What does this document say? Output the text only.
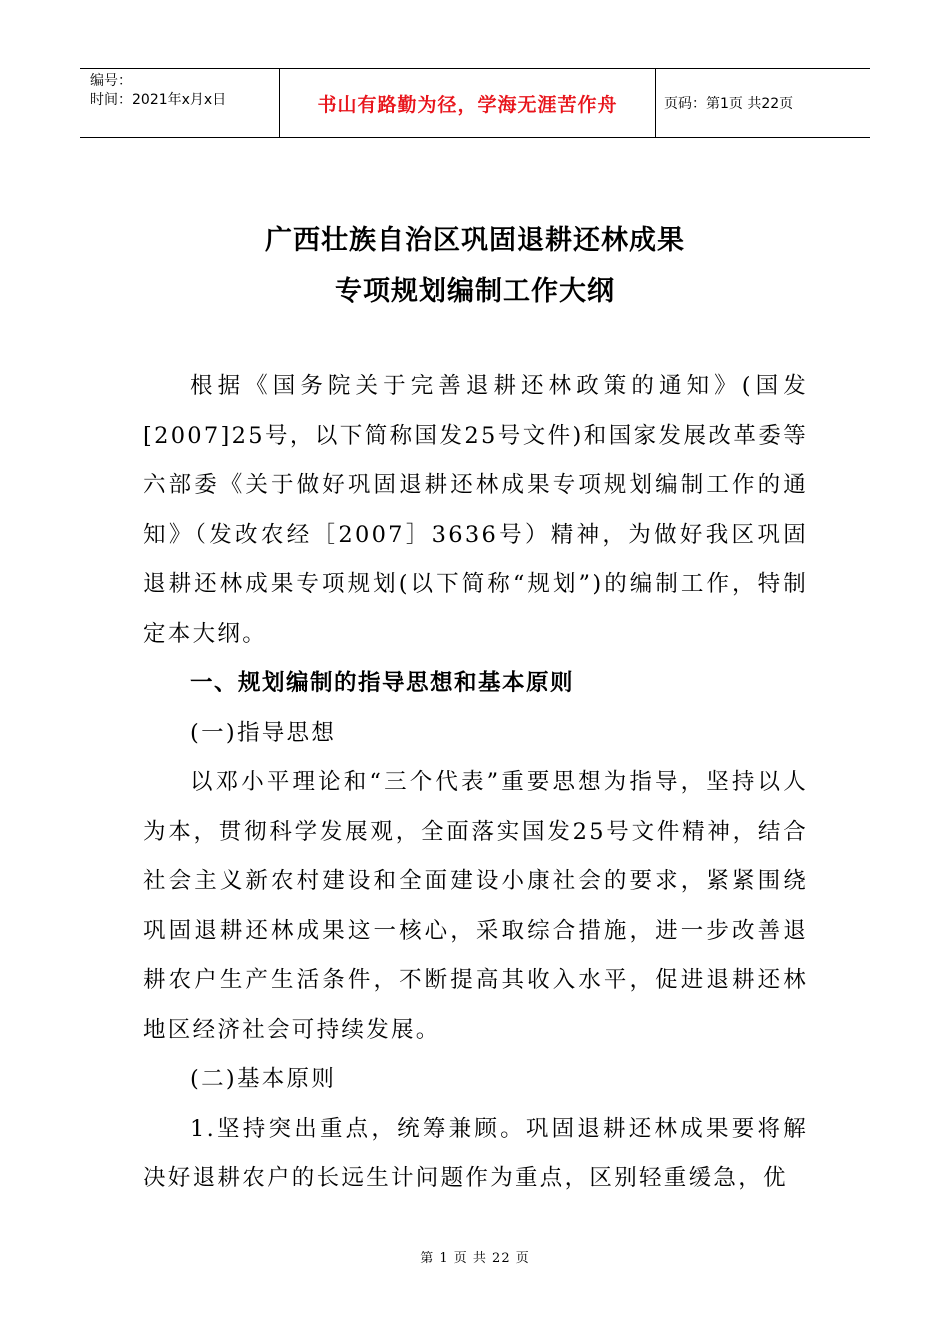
编号：
时间：2021年x月x日	书山有路勤为径，学海无涯苦作舟	页码：第1页 共22页
广西壮族自治区巩固退耕还林成果
专项规划编制工作大纲

根据《国务院关于完善退耕还林政策的通知》(国发[2007]25号，以下简称国发25号文件)和国家发展改革委等六部委《关于做好巩固退耕还林成果专项规划编制工作的通知》（发改农经［2007］3636号）精神，为做好我区巩固退耕还林成果专项规划(以下简称“规划”)的编制工作，特制定本大纲。

一、规划编制的指导思想和基本原则

(一)指导思想

以邓小平理论和“三个代表”重要思想为指导，坚持以人为本，贯彻科学发展观，全面落实国发25号文件精神，结合社会主义新农村建设和全面建设小康社会的要求，紧紧围绕巩固退耕还林成果这一核心，采取综合措施，进一步改善退耕农户生产生活条件，不断提高其收入水平，促进退耕还林地区经济社会可持续发展。

(二)基本原则

1.坚持突出重点，统筹兼顾。巩固退耕还林成果要将解决好退耕农户的长远生计问题作为重点，区别轻重缓急，优

第 1 页 共 22 页
